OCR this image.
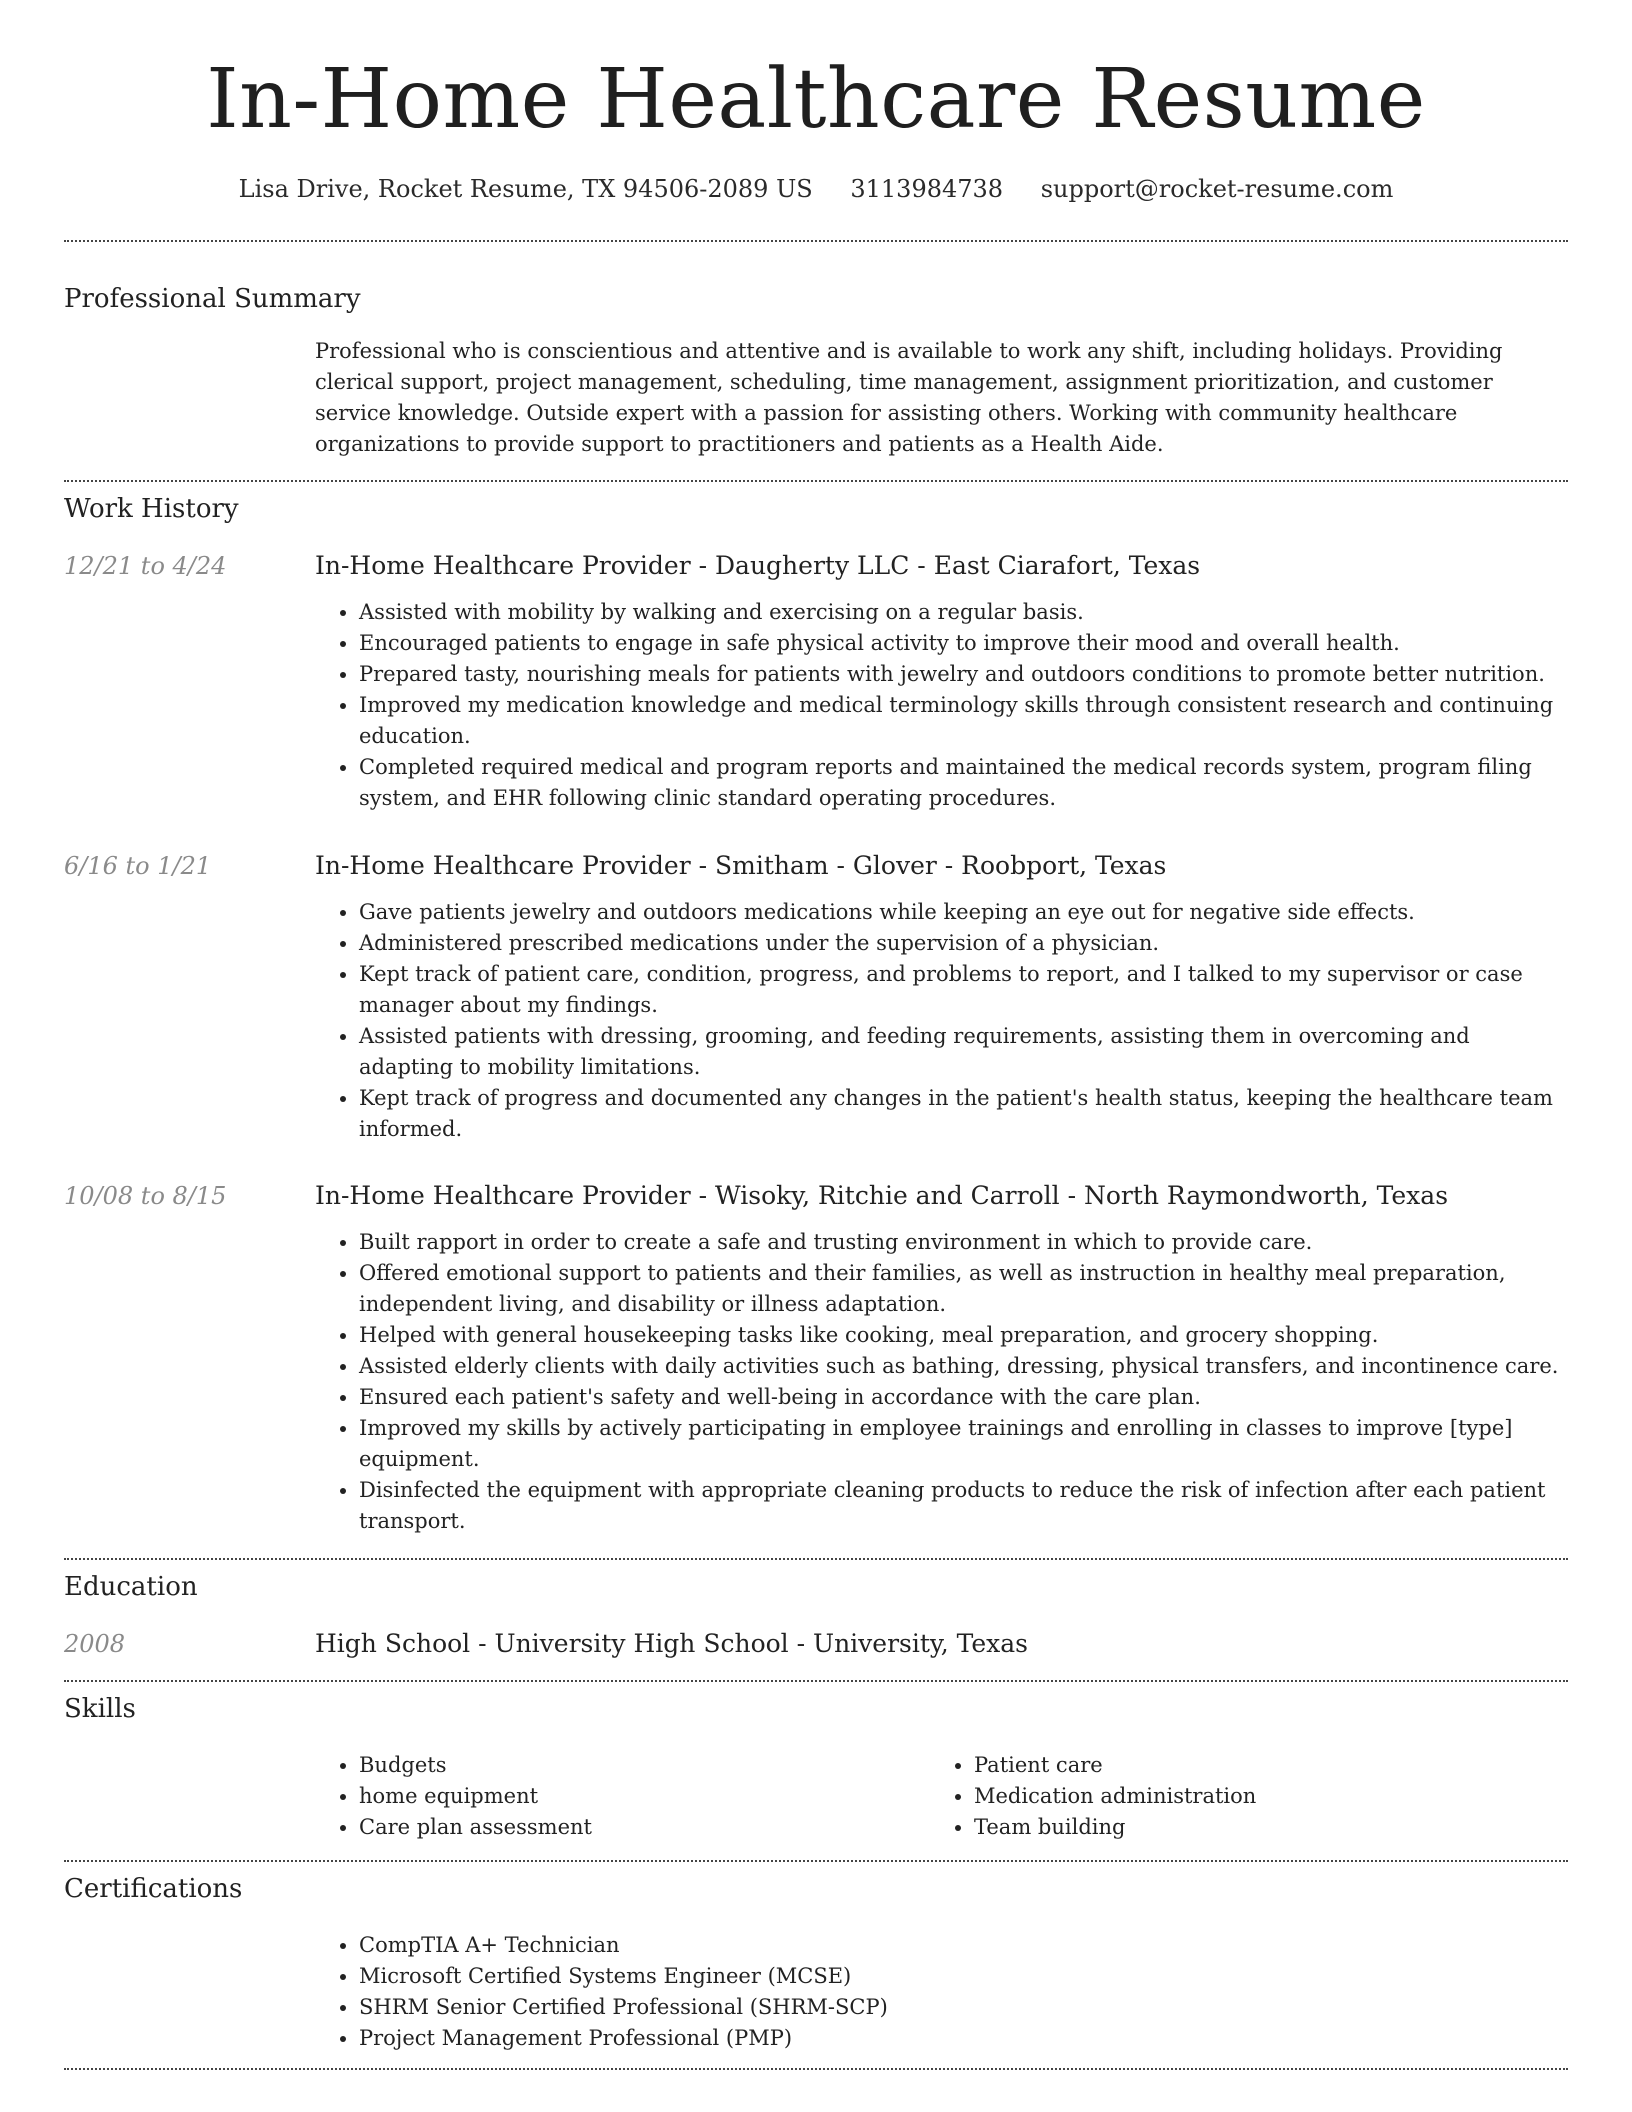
In-Home Healthcare Resume
Lisa Drive, Rocket Resume, TX 94506-2089 US 3113984738 support@rocket-resume.com
Professional Summary

Professional who is conscientious and attentive and is available to work any shift, including holidays. Providing clerical support, project management, scheduling, time management, assignment prioritization, and customer service knowledge. Outside expert with a passion for assisting others. Working with community healthcare organizations to provide support to practitioners and patients as a Health Aide.

Work History
12/21 to 4/24	In-Home Healthcare Provider - Daugherty LLC - East Ciarafort, Texas
• Assisted with mobility by walking and exercising on a regular basis.
• Encouraged patients to engage in safe physical activity to improve their mood and overall health.
• Prepared tasty, nourishing meals for patients with jewelry and outdoors conditions to promote better nutrition.
• Improved my medication knowledge and medical terminology skills through consistent research and continuing education.
• Completed required medical and program reports and maintained the medical records system, program filing system, and EHR following clinic standard operating procedures.
6/16 to 1/21	In-Home Healthcare Provider - Smitham - Glover - Roobport, Texas
• Gave patients jewelry and outdoors medications while keeping an eye out for negative side effects.
• Administered prescribed medications under the supervision of a physician.
• Kept track of patient care, condition, progress, and problems to report, and I talked to my supervisor or case manager about my findings.
• Assisted patients with dressing, grooming, and feeding requirements, assisting them in overcoming and adapting to mobility limitations.
• Kept track of progress and documented any changes in the patient's health status, keeping the healthcare team informed.
10/08 to 8/15	In-Home Healthcare Provider - Wisoky, Ritchie and Carroll - North Raymondworth, Texas
• Built rapport in order to create a safe and trusting environment in which to provide care.
• Offered emotional support to patients and their families, as well as instruction in healthy meal preparation, independent living, and disability or illness adaptation.
• Helped with general housekeeping tasks like cooking, meal preparation, and grocery shopping.
• Assisted elderly clients with daily activities such as bathing, dressing, physical transfers, and incontinence care.
• Ensured each patient's safety and well-being in accordance with the care plan.
• Improved my skills by actively participating in employee trainings and enrolling in classes to improve [type] equipment.
• Disinfected the equipment with appropriate cleaning products to reduce the risk of infection after each patient transport.
Education
2008	High School - University High School - University, Texas
Skills
• Budgets
• home equipment
• Care plan assessment
• Patient care
• Medication administration
• Team building
Certifications
• CompTIA A+ Technician
• Microsoft Certified Systems Engineer (MCSE)
• SHRM Senior Certified Professional (SHRM-SCP)
• Project Management Professional (PMP)
